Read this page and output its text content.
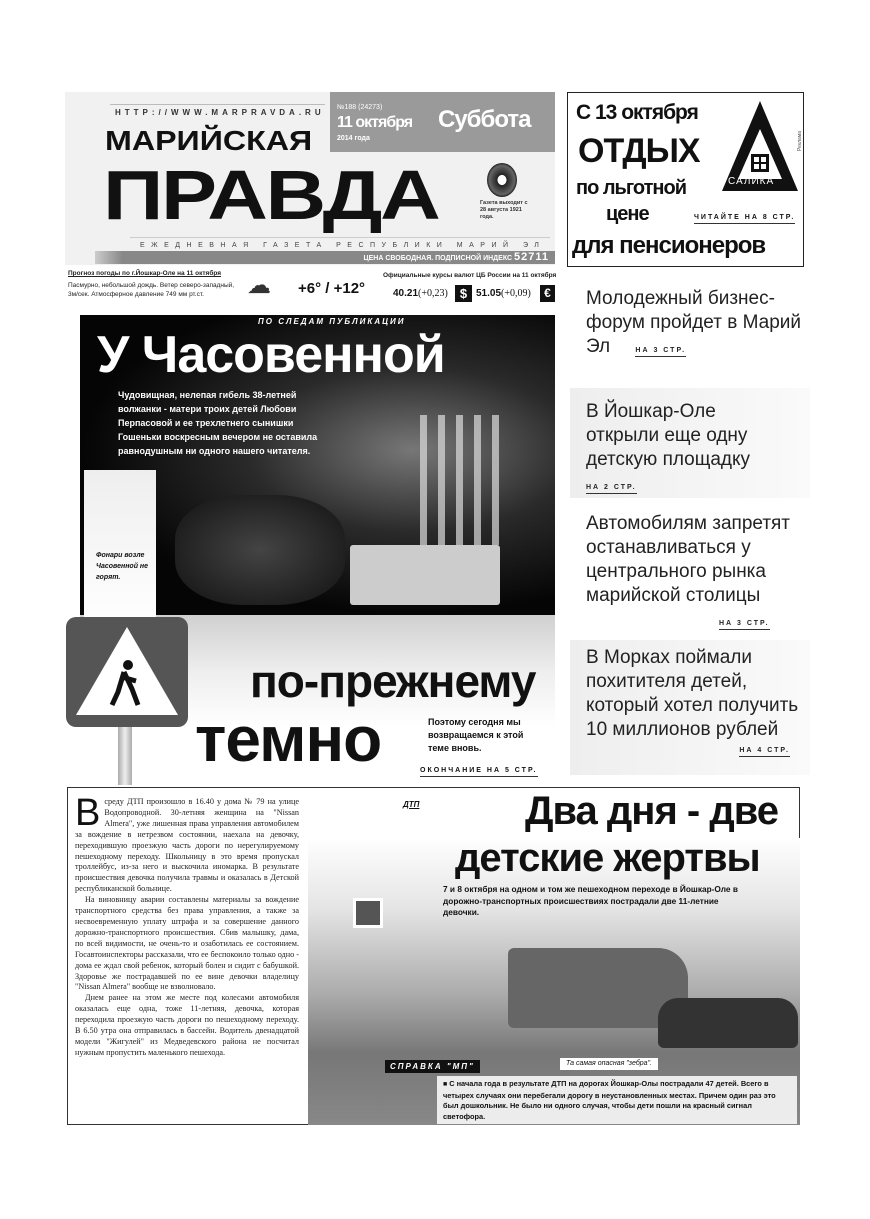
HTTP://WWW.MARPRAVDA.RU
№188 (24273)
11 октября
2014 года
Суббота
МАРИЙСКАЯ
ПРАВДА	Газета выходит с 28 августа 1921 года.
ЕЖЕДНЕВНАЯ ГАЗЕТА РЕСПУБЛИКИ МАРИЙ ЭЛ
ЦЕНА СВОБОДНАЯ. ПОДПИСНОЙ ИНДЕКС 52711
Прогноз погоды по г.Йошкар-Оле на 11 октября
Пасмурно, небольшой дождь. Ветер северо-западный, 3м/сек. Атмосферное давление 749 мм рт.ст.	☁ +6° / +12°
Официальные курсы валют ЦБ России на 11 октября
40.21(+0,23) $ 51.05(+0,09)	€
С 13 октября
ОТДЫХ
по льготной
цене
для пенсионеров
ЧИТАЙТЕ НА 8 СТР.
САЛИКА
Реклама
Молодежный бизнес-форум пройдет в Марий Эл	НА 3 СТР.
В Йошкар-Оле открыли еще одну детскую площадку
НА 2 СТР.
Автомобилям запретят останавливаться у центрального рынка марийской столицы
НА 3 СТР.
В Морках поймали похитителя детей, который хотел получить 10 миллионов рублей
НА 4 СТР.
ПО СЛЕДАМ ПУБЛИКАЦИИ
У Часовенной
Чудовищная, нелепая гибель 38-летней волжанки - матери троих детей Любови Перпасовой и ее трехлетнего сынишки Гошеньки воскресным вечером не оставила равнодушным ни одного нашего читателя.
Фонари возле Часовенной не горят.
по-прежнему
темно	Поэтому сегодня мы возвращаемся к этой теме вновь.
ОКОНЧАНИЕ НА 5 СТР.
Всреду ДТП произошло в 16.40 у дома № 79 на улице Водопроводной. 30-летняя женщина на "Nissan Almera", уже лишенная права управления автомобилем за вождение в нетрезвом состоянии, наехала на девочку, переходившую проезжую часть дороги по нерегулируемому пешеходному переходу. Школьницу в это время пропускал троллейбус, из-за него и выскочила иномарка. В результате происшествия девочка получила травмы и оказалась в Детской республиканской больнице.

На виновницу аварии составлены материалы за вождение транспортного средства без права управления, а также за несвоевременную уплату штрафа и за совершение данного дорожно-транспортного происшествия. Сбив малышку, дама, по всей видимости, не очень-то и озаботилась ее состоянием. Госавтоинспекторы рассказали, что ее беспокоило только одно - дома ее ждал свой ребенок, который болен и сидит с бабушкой. Здоровье же пострадавшей по ее вине девочки владелицу "Nissan Almera" вообще не взволновало.

Днем ранее на этом же месте под колесами автомобиля оказалась еще одна, тоже 11-летняя, девочка, которая переходила проезжую часть дороги по пешеходному переходу. В 6.50 утра она отправилась в бассейн. Водитель двенадцатой модели "Жигулей" из Медведевского района не посчитал нужным пропустить маленького пешехода.

ДТП	Два дня - две
детские жертвы
7 и 8 октября на одном и том же пешеходном переходе в Йошкар-Оле в дорожно-транспортных происшествиях пострадали две 11-летние девочки.
Та самая опасная "зебра".
СПРАВКА "МП"
■ С начала года в результате ДТП на дорогах Йошкар-Олы пострадали 47 детей. Всего в четырех случаях они перебегали дорогу в неустановленных местах. Причем один раз это был дошкольник. Не было ни одного случая, чтобы дети пошли на красный сигнал светофора.
